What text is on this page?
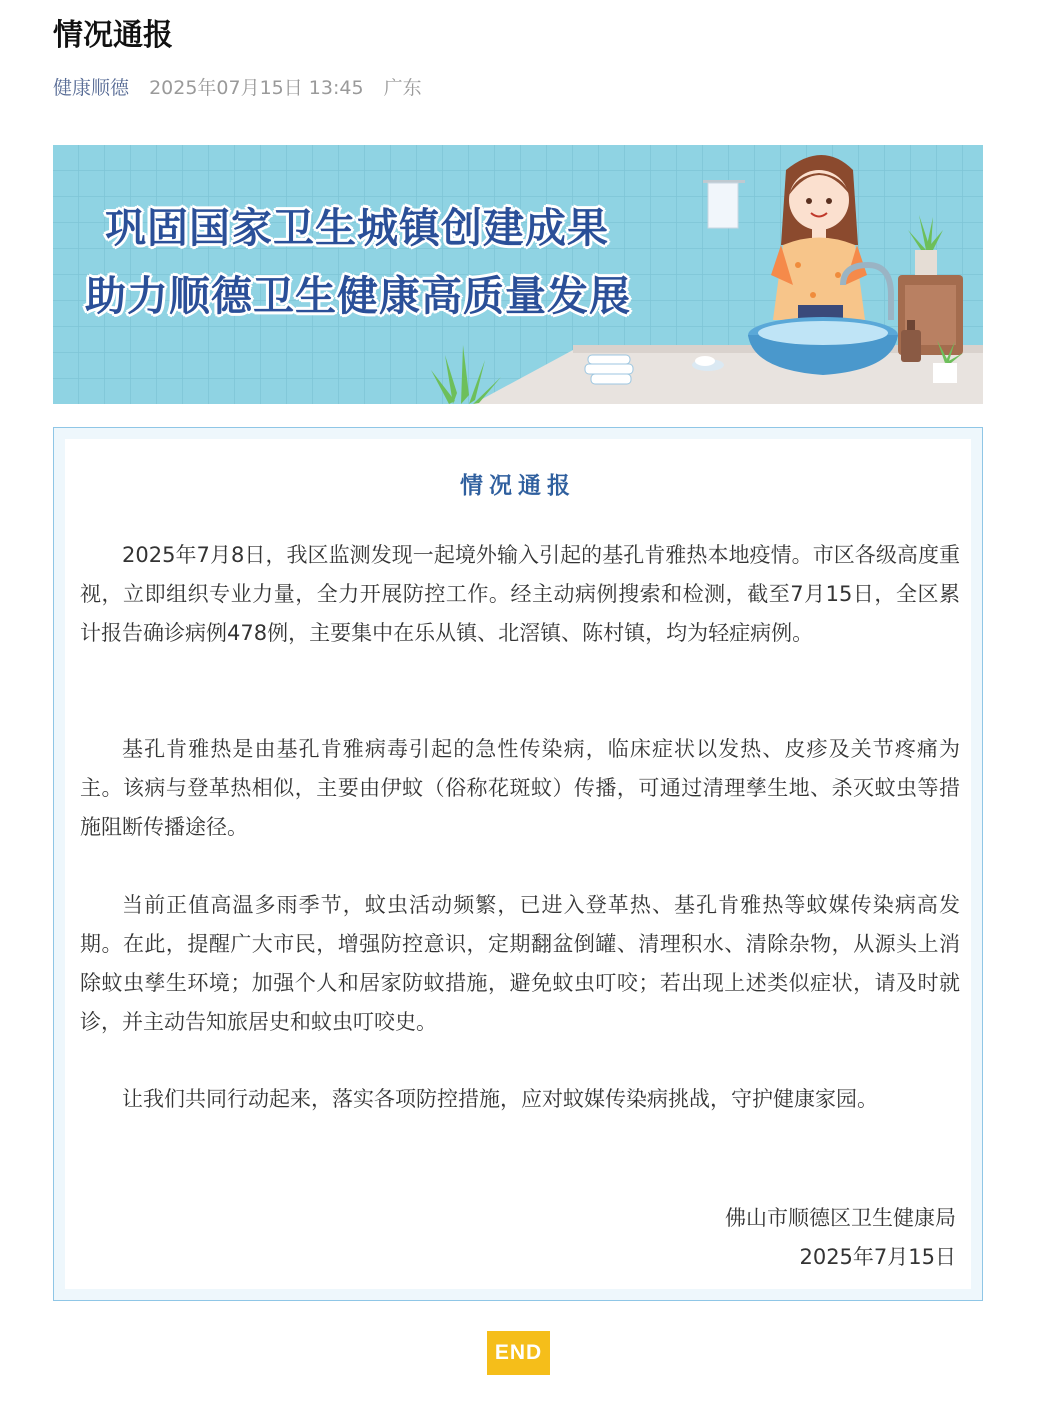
情况通报
健康顺德 2025年07月15日 13:45 广东
巩固国家卫生城镇创建成果
助力顺德卫生健康高质量发展
情况通报

2025年7月8日，我区监测发现一起境外输入引起的基孔肯雅热本地疫情。市区各级高度重视，立即组织专业力量，全力开展防控工作。经主动病例搜索和检测，截至7月15日，全区累计报告确诊病例478例，主要集中在乐从镇、北滘镇、陈村镇，均为轻症病例。

基孔肯雅热是由基孔肯雅病毒引起的急性传染病，临床症状以发热、皮疹及关节疼痛为主。该病与登革热相似，主要由伊蚊（俗称花斑蚊）传播，可通过清理孳生地、杀灭蚊虫等措施阻断传播途径。

当前正值高温多雨季节，蚊虫活动频繁，已进入登革热、基孔肯雅热等蚊媒传染病高发期。在此，提醒广大市民，增强防控意识，定期翻盆倒罐、清理积水、清除杂物，从源头上消除蚊虫孳生环境；加强个人和居家防蚊措施，避免蚊虫叮咬；若出现上述类似症状，请及时就诊，并主动告知旅居史和蚊虫叮咬史。

让我们共同行动起来，落实各项防控措施，应对蚊媒传染病挑战，守护健康家园。

佛山市顺德区卫生健康局
2025年7月15日
END
